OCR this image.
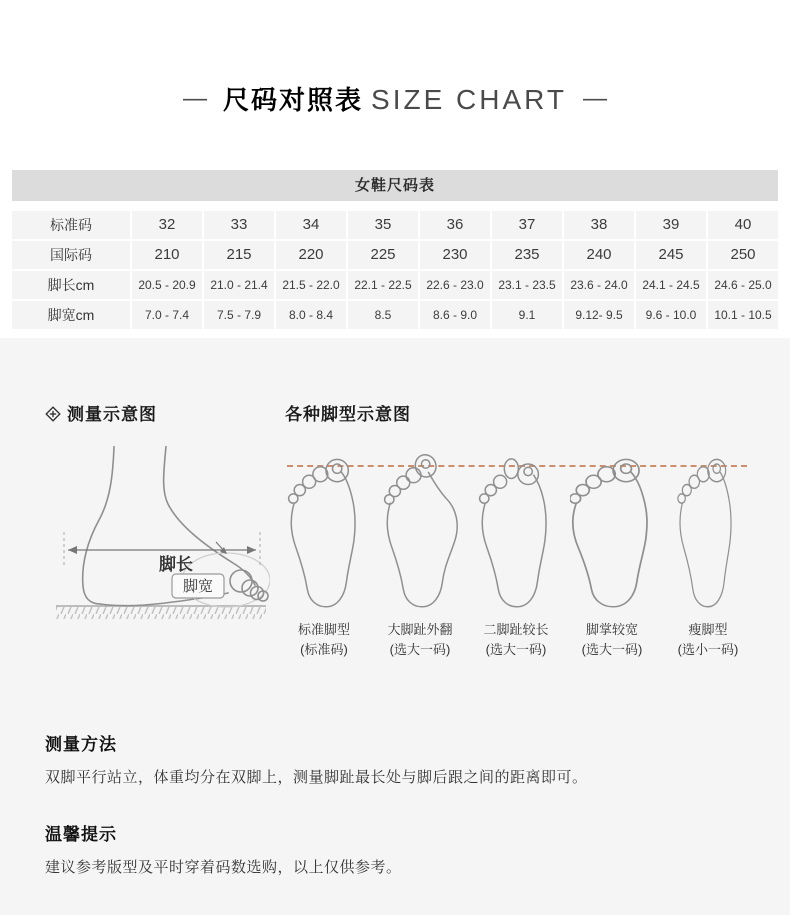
— 尺码对照表 SIZE CHART —
女鞋尺码表
标准码	32	33	34	35	36	37	38	39	40
国际码	210	215	220	225	230	235	240	245	250
脚长cm	20.5 - 20.9	21.0 - 21.4	21.5 - 22.0	22.1 - 22.5	22.6 - 23.0	23.1 - 23.5	23.6 - 24.0	24.1 - 24.5	24.6 - 25.0
脚宽cm	7.0 - 7.4	7.5 - 7.9	8.0 - 8.4	8.5	8.6 - 9.0	9.1	9.12- 9.5	9.6 - 10.0	10.1 - 10.5
测量示意图	各种脚型示意图
脚长
脚宽
标准脚型
(标准码)
大脚趾外翻
(选大一码)
二脚趾较长
(选大一码)
脚掌较宽
(选大一码)
瘦脚型
(选小一码)
测量方法
双脚平行站立，体重均分在双脚上，测量脚趾最长处与脚后跟之间的距离即可。
温馨提示
建议参考版型及平时穿着码数选购，以上仅供参考。
